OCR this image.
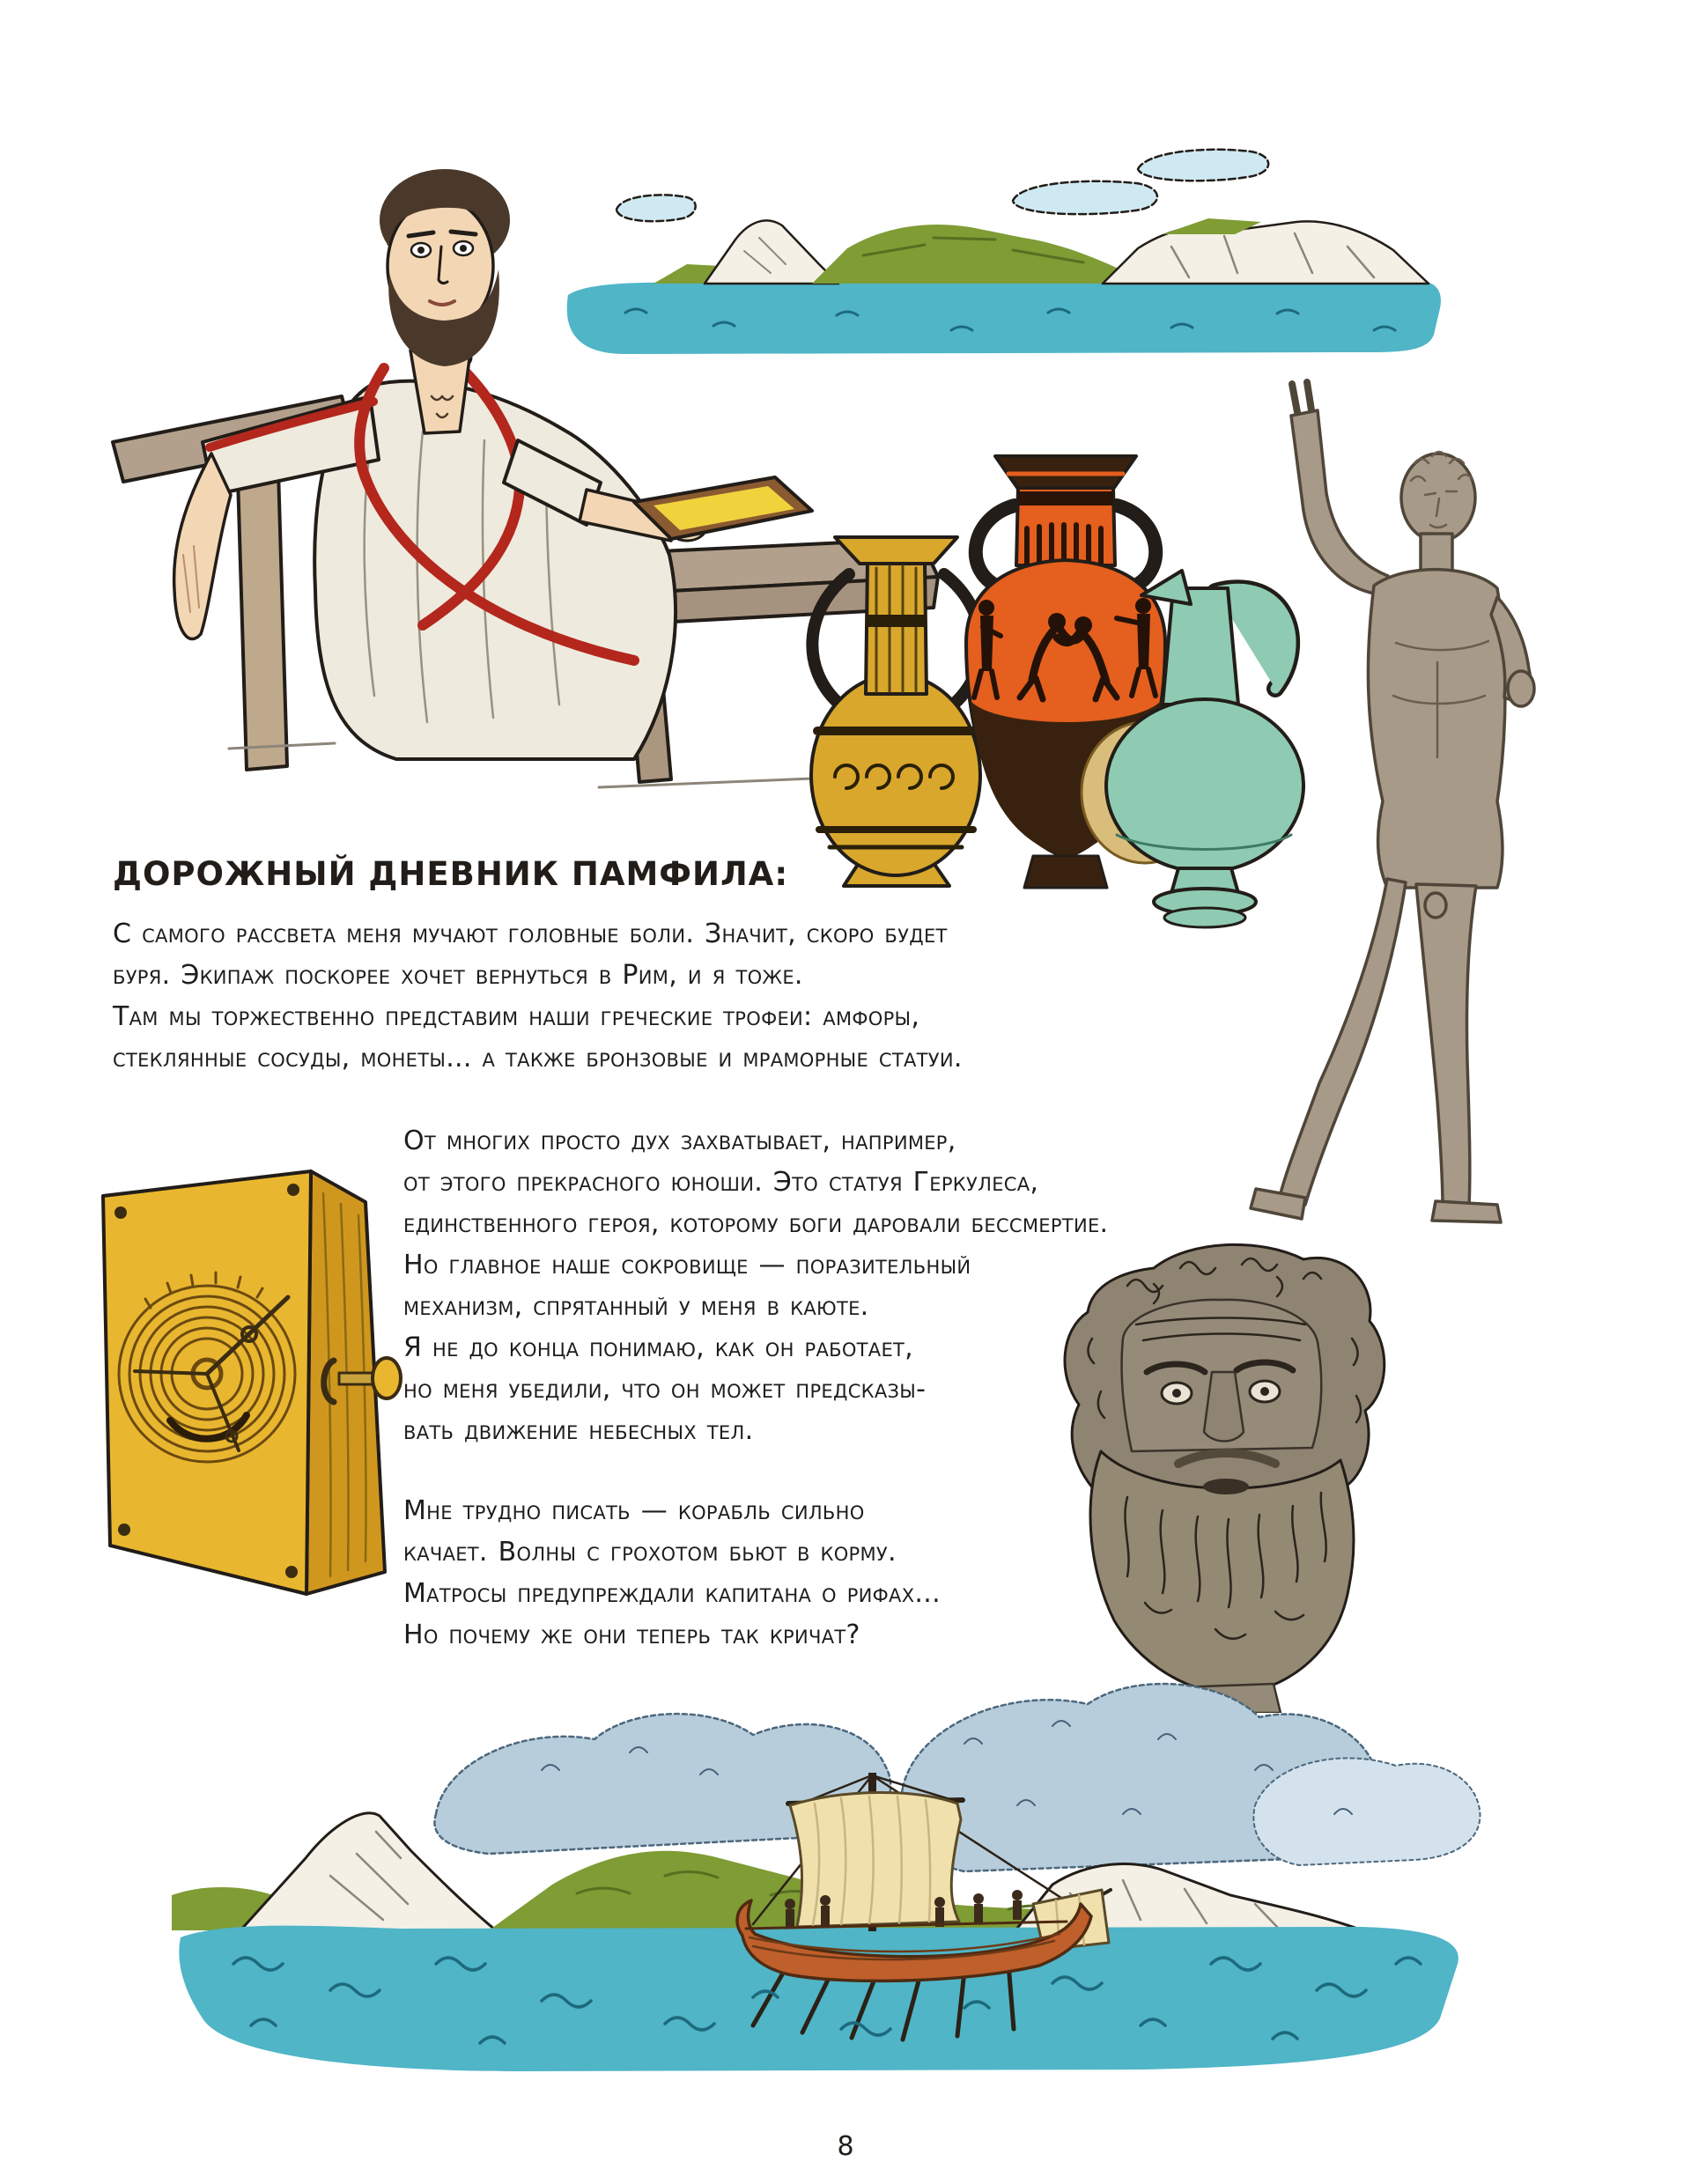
ДОРОЖНЫЙ ДНЕВНИК ПАМФИЛА:
С самого рассвета меня мучают головные боли. Значит, скоро будет
буря. Экипаж поскорее хочет вернуться в Рим, и я тоже.
Там мы торжественно представим наши греческие трофеи: амфоры,
стеклянные сосуды, монеты... а также бронзовые и мраморные статуи.
От многих просто дух захватывает, например,
от этого прекрасного юноши. Это статуя Геркулеса,
единственного героя, которому боги даровали бессмертие.
Но главное наше сокровище — поразительный
механизм, спрятанный у меня в каюте.
Я не до конца понимаю, как он работает,
но меня убедили, что он может предсказы-
вать движение небесных тел.
Мне трудно писать — корабль сильно
качает. Волны с грохотом бьют в корму.
Матросы предупреждали капитана о рифах...
Но почему же они теперь так кричат?
8
